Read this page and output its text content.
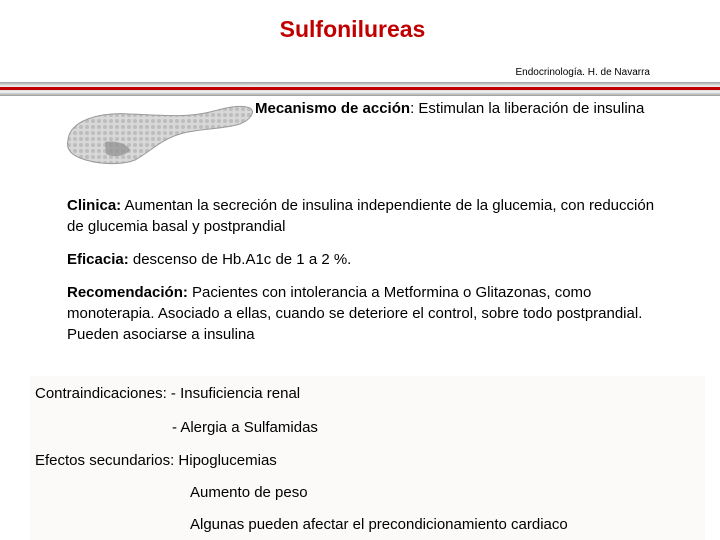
Sulfonilureas
Endocrinología. H. de Navarra
Mecanismo de acción: Estimulan la liberación de insulina
Clinica: Aumentan la secreción de insulina independiente de la glucemia, con reducción de glucemia basal y postprandial
Eficacia: descenso de Hb.A1c de 1 a 2 %.
Recomendación: Pacientes con intolerancia a Metformina o Glitazonas, como monoterapia. Asociado a ellas, cuando se deteriore el control, sobre todo postprandial. Pueden asociarse a insulina
Contraindicaciones: - Insuficiencia renal
- Alergia a Sulfamidas
Efectos secundarios: Hipoglucemias
Aumento de peso
Algunas pueden afectar el precondicionamiento cardiaco
